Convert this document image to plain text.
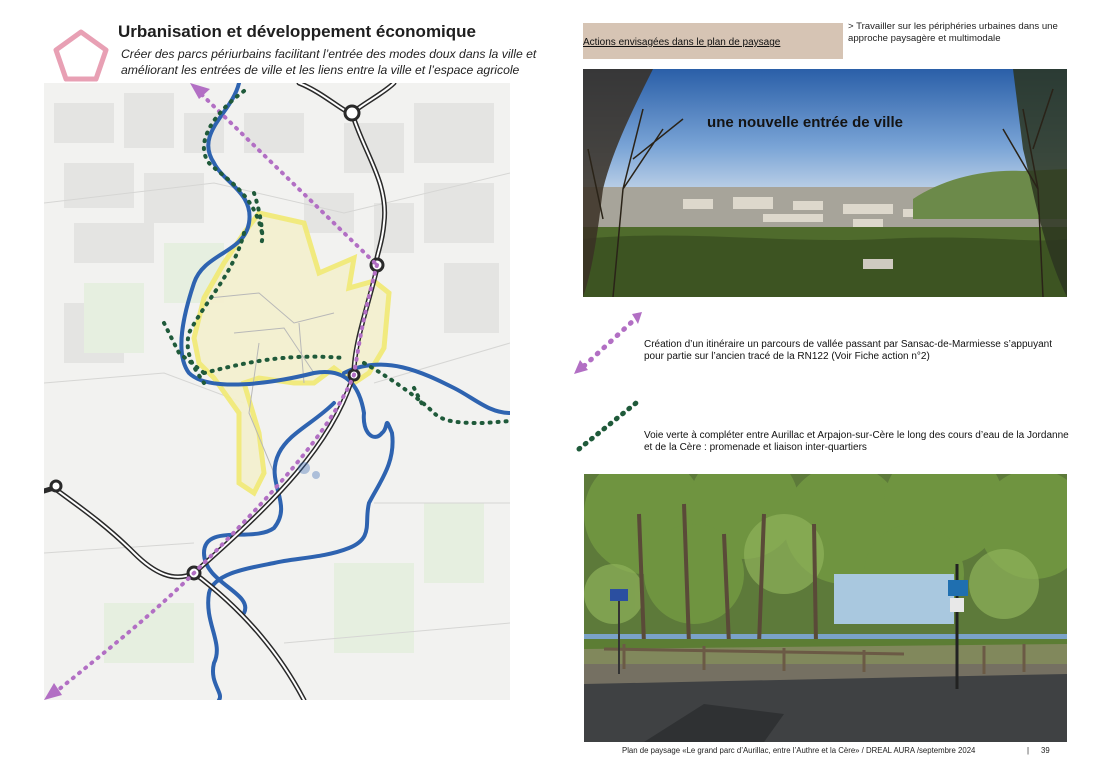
Urbanisation et développement économique
Créer des parcs périurbains facilitant l’entrée des modes doux dans la ville et améliorant les entrées de ville et les liens entre la ville et l’espace agricole
Actions envisagées dans le plan de paysage
> Travailler sur les périphéries urbaines dans une approche paysagère et multimodale
une nouvelle entrée de ville
Création d’un itinéraire un parcours de vallée passant par Sansac-de-Marmiesse s’appuyant pour partie sur l’ancien tracé de la RN122 (Voir Fiche action n°2)
Voie verte à compléter entre Aurillac et Arpajon-sur-Cère le long des cours d’eau de la Jordanne et de la Cère : promenade et liaison inter-quartiers
Plan de paysage «Le grand parc d’Aurillac, entre l’Authre et la Cère» / DREAL AURA /septembre 2024	| 39
